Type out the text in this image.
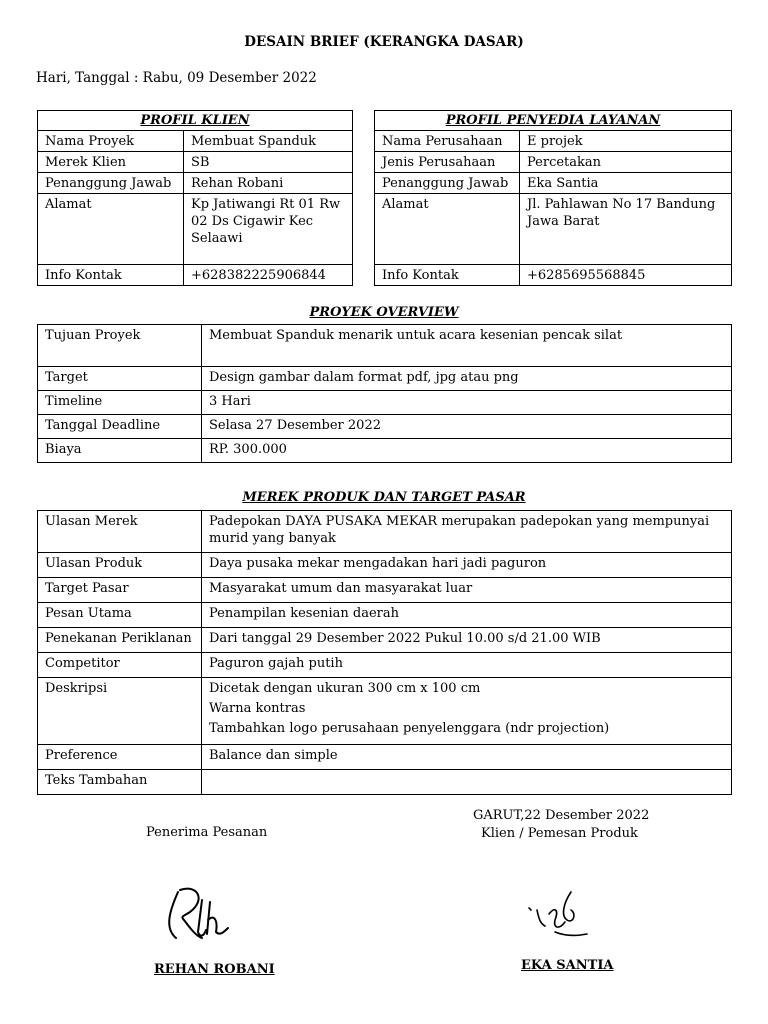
DESAIN BRIEF (KERANGKA DASAR)
Hari, Tanggal : Rabu, 09 Desember 2022
PROFIL KLIEN	
Nama Proyek	Membuat Spanduk
Merek Klien	SB
Penanggung Jawab	Rehan Robani
Alamat	Kp Jatiwangi Rt 01 Rw 02 Ds Cigawir Kec Selaawi
Info Kontak	+628382225906844
PROFIL PENYEDIA LAYANAN	
Nama Perusahaan	E projek
Jenis Perusahaan	Percetakan
Penanggung Jawab	Eka Santia
Alamat	Jl. Pahlawan No 17 Bandung Jawa Barat
Info Kontak	+6285695568845
PROYEK OVERVIEW
Tujuan Proyek	Membuat Spanduk menarik untuk acara kesenian pencak silat
Target	Design gambar dalam format pdf, jpg atau png
Timeline	3 Hari
Tanggal Deadline	Selasa 27 Desember 2022
Biaya	RP. 300.000
MEREK PRODUK DAN TARGET PASAR
Ulasan Merek	Padepokan DAYA PUSAKA MEKAR merupakan padepokan yang mempunyai murid yang banyak
Ulasan Produk	Daya pusaka mekar mengadakan hari jadi paguron
Target Pasar	Masyarakat umum dan masyarakat luar
Pesan Utama	Penampilan kesenian daerah
Penekanan Periklanan	Dari tanggal 29 Desember 2022 Pukul 10.00 s/d 21.00 WIB
Competitor	Paguron gajah putih
Deskripsi	Dicetak dengan ukuran 300 cm x 100 cm
Warna kontras
Tambahkan logo perusahaan penyelenggara (ndr projection)

Preference	Balance dan simple
Teks Tambahan	
Penerima Pesanan
GARUT,22 Desember 2022
Klien / Pemesan Produk
REHAN ROBANI	EKA SANTIA
